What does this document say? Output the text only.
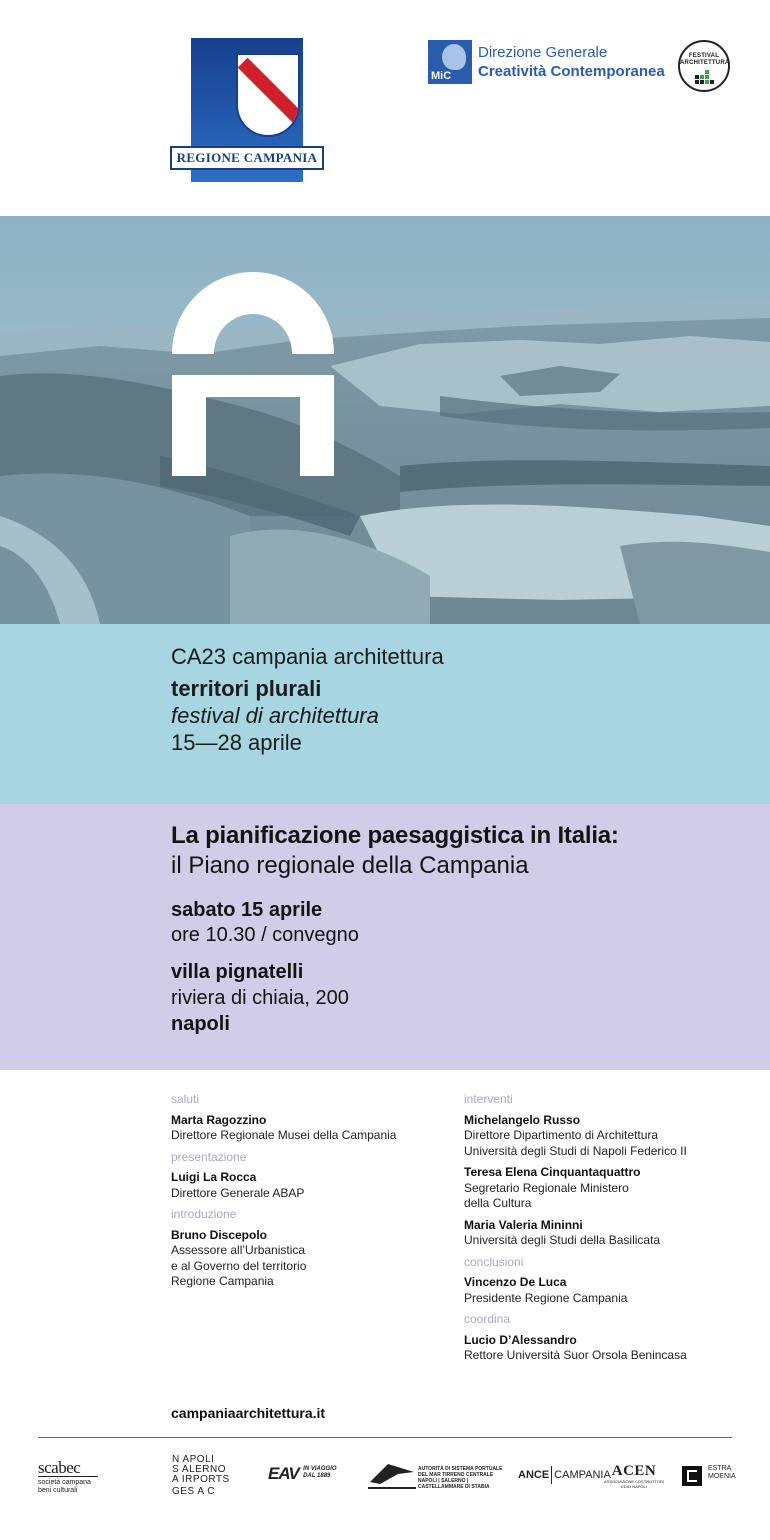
REGIONE CAMPANIA
MiC
Direzione Generale
Creatività Contemporanea
FESTIVAL ARCHITETTURA
CA23 campania architettura
territori plurali
festival di architettura
15—28 aprile
La pianificazione paesaggistica in Italia:
il Piano regionale della Campania
sabato 15 aprile
ore 10.30 / convegno
villa pignatelli
riviera di chiaia, 200
napoli
saluti
Marta Ragozzino
Direttore Regionale Musei della Campania
presentazione
Luigi La Rocca
Direttore Generale ABAP
introduzione
Bruno Discepolo
Assessore all’Urbanistica
e al Governo del territorio
Regione Campania
interventi
Michelangelo Russo
Direttore Dipartimento di Architettura
Università degli Studi di Napoli Federico II
Teresa Elena Cinquantaquattro
Segretario Regionale Ministero
della Cultura
Maria Valeria Mininni
Università degli Studi della Basilicata
conclusioni
Vincenzo De Luca
Presidente Regione Campania
coordina
Lucio D’Alessandro
Rettore Università Suor Orsola Benincasa
campaniaarchitettura.it
scabec
società campana
beni culturali
N APOLI
S ALERNO
A IRPORTS
GES A C
EAV IN VIAGGIO
DAL 1889
AUTORITÀ DI SISTEMA PORTUALE
DEL MAR TIRRENO CENTRALE
NAPOLI | SALERNO | CASTELLAMMARE DI STABIA
ANCE CAMPANIA ACEN
ASSOCIAZIONE COSTRUTTORI EDILI NAPOLI
ESTRA
MOENIA
